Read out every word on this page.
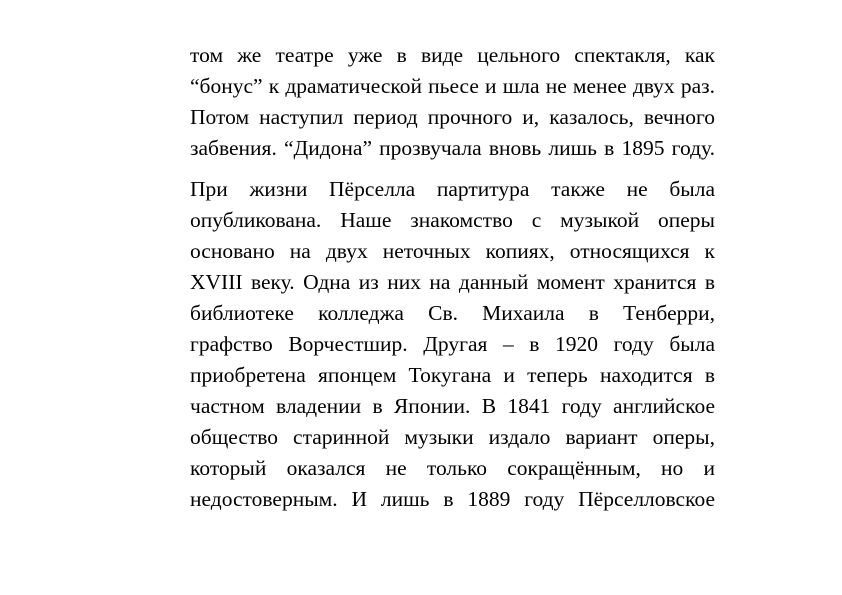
том же театре уже в виде цельного спектакля, как
“бонус” к драматической пьесе и шла не менее двух раз.
Потом наступил период прочного и, казалось, вечного
забвения. “Дидона” прозвучала вновь лишь в 1895 году.
При жизни Пёрселла партитура также не была
опубликована. Наше знакомство с музыкой оперы
основано на двух неточных копиях, относящихся к
XVIII веку. Одна из них на данный момент хранится в
библиотеке колледжа Св. Михаила в Тенберри,
графство Ворчестшир. Другая – в 1920 году была
приобретена японцем Токугана и теперь находится в
частном владении в Японии. В 1841 году английское
общество старинной музыки издало вариант оперы,
который оказался не только сокращённым, но и
недостоверным. И лишь в 1889 году Пёрселловское
